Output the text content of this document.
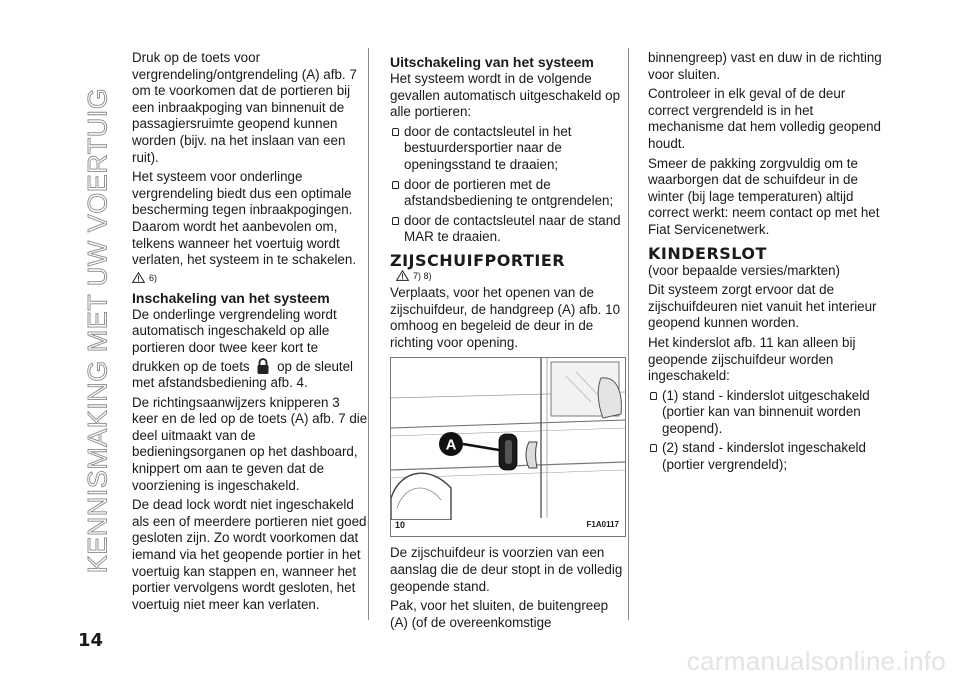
KENNISMAKING MET UW VOERTUIG

Druk op de toets voor vergrendeling/ontgrendeling (A) afb. 7 om te voorkomen dat de portieren bij een inbraakpoging van binnenuit de passagiersruimte geopend kunnen worden (bijv. na het inslaan van een ruit).

Het systeem voor onderlinge vergrendeling biedt dus een optimale bescherming tegen inbraakpogingen. Daarom wordt het aanbevolen om, telkens wanneer het voertuig wordt verlaten, het systeem in te schakelen.

6)
Inschakeling van het systeem

De onderlinge vergrendeling wordt automatisch ingeschakeld op alle portieren door twee keer kort te drukken op de toets op de sleutel met afstandsbediening afb. 4.

De richtingsaanwijzers knipperen 3 keer en de led op de toets (A) afb. 7 die deel uitmaakt van de bedieningsorganen op het dashboard, knippert om aan te geven dat de voorziening is ingeschakeld.

De dead lock wordt niet ingeschakeld als een of meerdere portieren niet goed gesloten zijn. Zo wordt voorkomen dat iemand via het geopende portier in het voertuig kan stappen en, wanneer het portier vervolgens wordt gesloten, het voertuig niet meer kan verlaten.

Uitschakeling van het systeem

Het systeem wordt in de volgende gevallen automatisch uitgeschakeld op alle portieren:

door de contactsleutel in het bestuurdersportier naar de openingsstand te draaien;

door de portieren met de afstandsbediening te ontgrendelen;

door de contactsleutel naar de stand MAR te draaien.

ZIJSCHUIFPORTIER
7) 8)

Verplaats, voor het openen van de zijschuifdeur, de handgreep (A) afb. 10 omhoog en begeleid de deur in de richting voor opening.

A
10	F1A0117

De zijschuifdeur is voorzien van een aanslag die de deur stopt in de volledig geopende stand.

Pak, voor het sluiten, de buitengreep (A) (of de overeenkomstige

binnengreep) vast en duw in de richting voor sluiten.

Controleer in elk geval of de deur correct vergrendeld is in het mechanisme dat hem volledig geopend houdt.

Smeer de pakking zorgvuldig om te waarborgen dat de schuifdeur in de winter (bij lage temperaturen) altijd correct werkt: neem contact op met het Fiat Servicenetwerk.

KINDERSLOT

(voor bepaalde versies/markten)

Dit systeem zorgt ervoor dat de zijschuifdeuren niet vanuit het interieur geopend kunnen worden.

Het kinderslot afb. 11 kan alleen bij geopende zijschuifdeur worden ingeschakeld:

(1) stand - kinderslot uitgeschakeld (portier kan van binnenuit worden geopend).

(2) stand - kinderslot ingeschakeld (portier vergrendeld);

14
carmanualsonline.info
